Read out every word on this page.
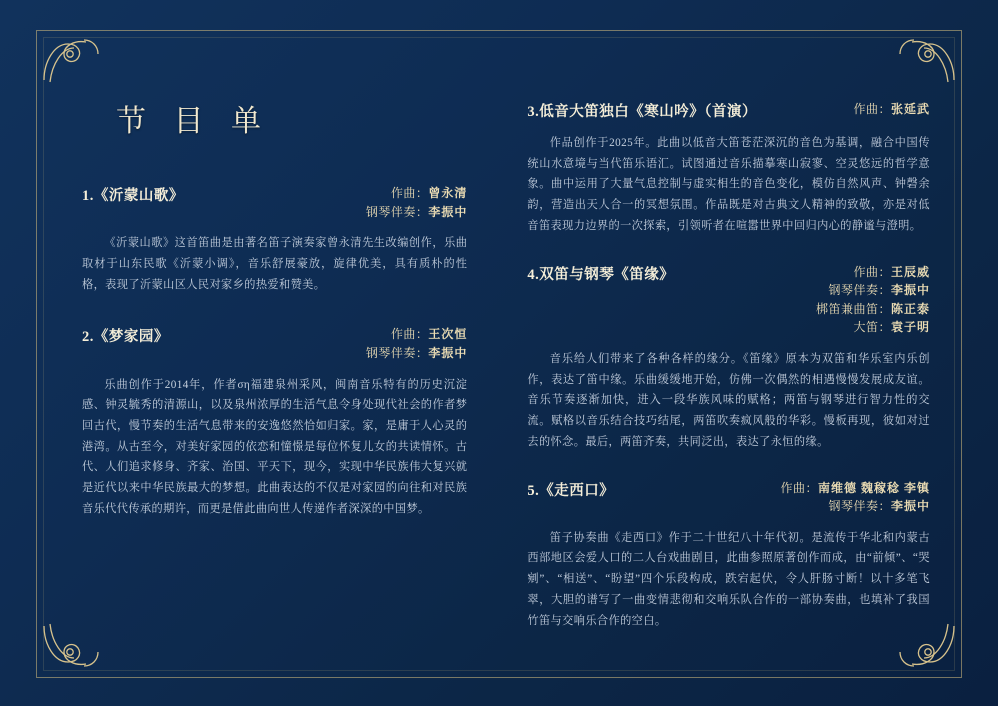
节 目 单
1.《沂蒙山歌》	作曲：曾永清
钢琴伴奏：李振中
《沂蒙山歌》这首笛曲是由著名笛子演奏家曾永清先生改编创作，乐曲取材于山东民歌《沂蒙小调》，音乐舒展豪放，旋律优美，具有质朴的性格，表现了沂蒙山区人民对家乡的热爱和赞美。
2.《梦家园》	作曲：王次恒
钢琴伴奏：李振中
乐曲创作于2014年，作者ση福建泉州采风，闽南音乐特有的历史沉淀感、钟灵毓秀的清源山，以及泉州浓厚的生活气息令身处现代社会的作者梦回古代，慢节奏的生活气息带来的安逸悠然恰如归家。家，是庸于人心灵的港湾。从古至今，对美好家园的依恋和憧憬是每位怀复儿女的共读情怀。古代、人们追求修身、齐家、治国、平天下，现今，实现中华民族伟大复兴就是近代以来中华民族最大的梦想。此曲表达的不仅是对家园的向往和对民族音乐代代传承的期许，而更是借此曲向世人传递作者深深的中国梦。
3.低音大笛独白《寒山吟》（首演）	作曲：张延武
作品创作于2025年。此曲以低音大笛苍茫深沉的音色为基调，融合中国传统山水意境与当代笛乐语汇。试图通过音乐描摹寒山寂寥、空灵悠远的哲学意象。曲中运用了大量气息控制与虚实相生的音色变化，模仿自然风声、钟磬余韵，营造出天人合一的冥想氛围。作品既是对古典文人精神的致敬，亦是对低音笛表现力边界的一次探索，引领听者在喧嚣世界中回归内心的静谧与澄明。
4.双笛与钢琴《笛缘》	作曲：王辰威
钢琴伴奏：李振中
梆笛兼曲笛：陈正泰
大笛：袁子明
音乐给人们带来了各种各样的缘分。《笛缘》原本为双笛和华乐室内乐创作，表达了笛中缘。乐曲缓缓地开始，仿佛一次偶然的相遇慢慢发展成友谊。音乐节奏逐渐加快，进入一段华族风味的赋格；两笛与钢琴进行智力性的交流。赋格以音乐结合技巧结尾，两笛吹奏疯风般的华彩。慢板再现，彼如对过去的怀念。最后，两笛齐奏，共同泛出，表达了永恒的缘。
5.《走西口》	作曲：南维德 魏稼稔 李镇
钢琴伴奏：李振中
笛子协奏曲《走西口》作于二十世纪八十年代初。是流传于华北和内蒙古西部地区会爱人口的二人台戏曲剧目，此曲参照原著创作而成，由“前倾”、“哭剜”、“相送”、“盼望”四个乐段构成，跌宕起伏，令人肝肠寸断！以十多笔飞翠，大胆的谱写了一曲变情悲彻和交响乐队合作的一部协奏曲，也填补了我国竹笛与交响乐合作的空白。
